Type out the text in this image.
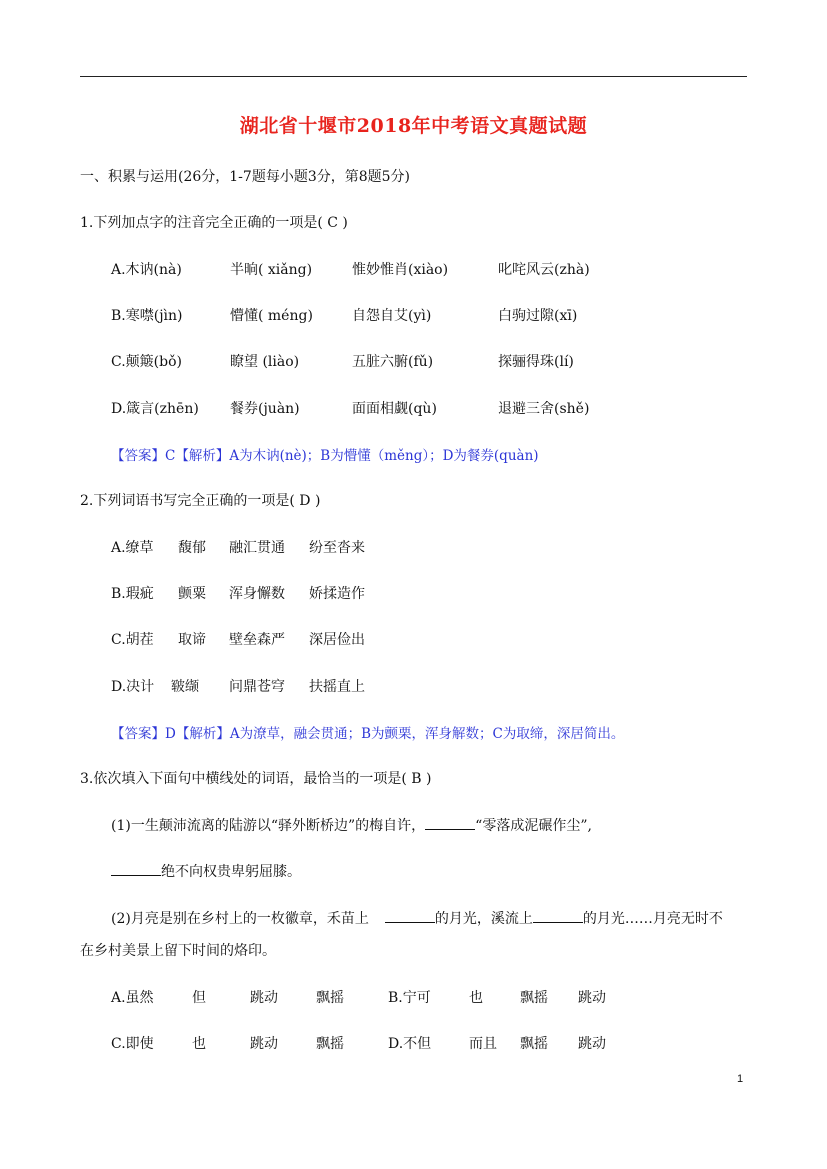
湖北省十堰市2018年中考语文真题试题
一、积累与运用(26分，1-7题每小题3分，第8题5分)
1.下列加点字的注音完全正确的一项是( C )
A.木讷(nà)	半晌( xiǎng)	惟妙惟肖(xiào)	叱咤风云(zhà)
B.寒噤(jìn)	懵懂( méng)	自怨自艾(yì)	白驹过隙(xī)
C.颠簸(bǒ)	瞭望 (liào)	五脏六腑(fǔ)	探骊得珠(lí)
D.箴言(zhēn) 餐券(juàn)	面面相觑(qù)	退避三舍(shě)
【答案】C【解析】A为木讷(nè)；B为懵懂（měng）；D为餐券(quàn)
2.下列词语书写完全正确的一项是( D )
A.缭草 馥郁 融汇贯通 纷至沓来
B.瑕疵 颤粟 浑身懈数 娇揉造作
C.胡茬 取谛 壁垒森严 深居俭出
D.决计 皲缬 问鼎苍穹 扶摇直上
【答案】D【解析】A为潦草，融会贯通；B为颤栗，浑身解数；C为取缔，深居简出。
3.依次填入下面句中横线处的词语，最恰当的一项是( B )
(1)一生颠沛流离的陆游以“驿外断桥边”的梅自许，	“零落成泥碾作尘”,
绝不向权贵卑躬屈膝。
(2)月亮是别在乡村上的一枚徽章，禾苗上	的月光，溪流上	的月光……月亮无时不
在乡村美景上留下时间的烙印。
A.虽然	但	跳动	飘摇	B.宁可	也	飘摇 跳动
C.即使	也	跳动	飘摇	D.不但	而且 飘摇 跳动
1
